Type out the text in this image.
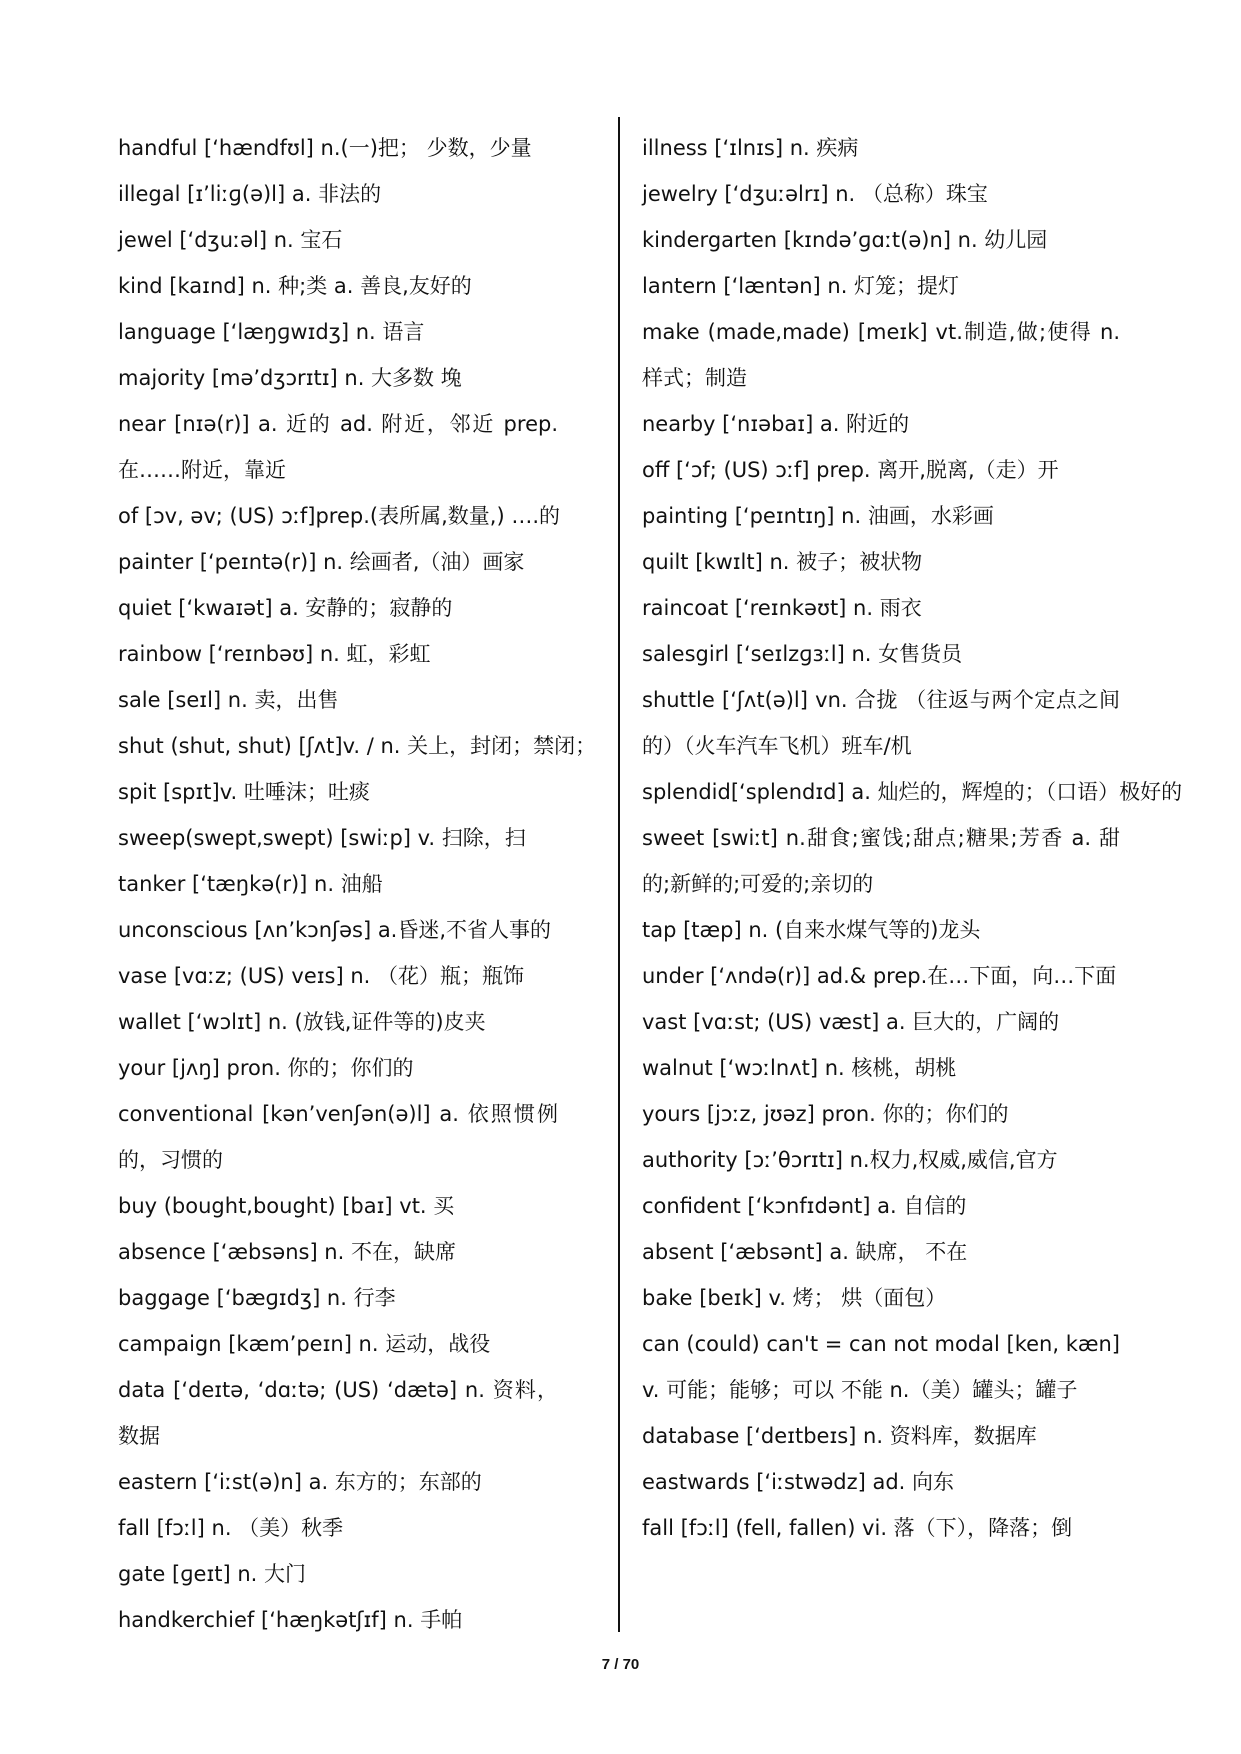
handful [‘hændfʊl] n.(一)把； 少数，少量
illegal [ɪ’liːɡ(ə)l] a. 非法的
jewel [‘dʒuːəl] n. 宝石
kind [kaɪnd] n. 种;类 a. 善良,友好的
language [‘læŋɡwɪdʒ] n. 语言
majority [mə’dʒɔrɪtɪ] n. 大多数 堍
near [nɪə(r)] a. 近的 ad. 附近，邻近 prep. 在……附近，靠近
of [ɔv, əv; (US) ɔːf]prep.(表所属,数量,) ….的
painter [‘peɪntə(r)] n. 绘画者,（油）画家
quiet [‘kwaɪət] a. 安静的；寂静的
rainbow [‘reɪnbəʊ] n. 虹，彩虹
sale [seɪl] n. 卖，出售
shut (shut, shut) [ʃʌt]v. / n. 关上，封闭；禁闭；
spit [spɪt]v. 吐唾沫；吐痰
sweep(swept,swept) [swiːp] v. 扫除，扫
tanker [‘tæŋkə(r)] n. 油船
unconscious [ʌn’kɔnʃəs] a.昏迷,不省人事的
vase [vɑːz; (US) veɪs] n. （花）瓶；瓶饰
wallet [‘wɔlɪt] n. (放钱,证件等的)皮夹
your [jʌŋ] pron. 你的；你们的
conventional [kən’venʃən(ə)l] a. 依照惯例的，习惯的
buy (bought,bought) [baɪ] vt. 买
absence [‘æbsəns] n. 不在，缺席
baggage [‘bæɡɪdʒ] n. 行李
campaign [kæm’peɪn] n. 运动，战役
data [‘deɪtə, ‘dɑːtə; (US) ‘dætə] n. 资料，数据
eastern [‘iːst(ə)n] a. 东方的；东部的
fall [fɔːl] n. （美）秋季
gate [ɡeɪt] n. 大门
handkerchief [‘hæŋkətʃɪf] n. 手帕
illness [‘ɪlnɪs] n. 疾病
jewelry [‘dʒuːəlrɪ] n. （总称）珠宝
kindergarten [kɪndə’ɡɑːt(ə)n] n. 幼儿园
lantern [‘læntən] n. 灯笼；提灯
make (made,made) [meɪk] vt.制造,做;使得 n. 样式；制造
nearby [‘nɪəbaɪ] a. 附近的
off [‘ɔf; (US) ɔːf] prep. 离开,脱离,（走）开
painting [‘peɪntɪŋ] n. 油画，水彩画
quilt [kwɪlt] n. 被子；被状物
raincoat [‘reɪnkəʊt] n. 雨衣
salesgirl [‘seɪlzɡɜːl] n. 女售货员
shuttle [‘ʃʌt(ə)l] vn. 合拢 （往返与两个定点之间的）（火车汽车飞机）班车/机
splendid[‘splendɪd] a. 灿烂的，辉煌的；（口语）极好的
sweet [swiːt] n.甜食;蜜饯;甜点;糖果;芳香 a. 甜的;新鲜的;可爱的;亲切的
tap [tæp] n. (自来水煤气等的)龙头
under [‘ʌndə(r)] ad.& prep.在…下面，向…下面
vast [vɑːst; (US) væst] a. 巨大的，广阔的
walnut [‘wɔːlnʌt] n. 核桃，胡桃
yours [jɔːz, jʊəz] pron. 你的；你们的
authority [ɔː’θɔrɪtɪ] n.权力,权威,威信,官方
confident [‘kɔnfɪdənt] a. 自信的
absent [‘æbsənt] a. 缺席， 不在
bake [beɪk] v. 烤； 烘（面包）
can (could) can't = can not modal [ken, kæn] v. 可能；能够；可以 不能 n.（美）罐头；罐子
database [‘deɪtbeɪs] n. 资料库，数据库
eastwards [‘iːstwədz] ad. 向东
fall [fɔːl] (fell, fallen) vi. 落（下），降落；倒
7 / 70
